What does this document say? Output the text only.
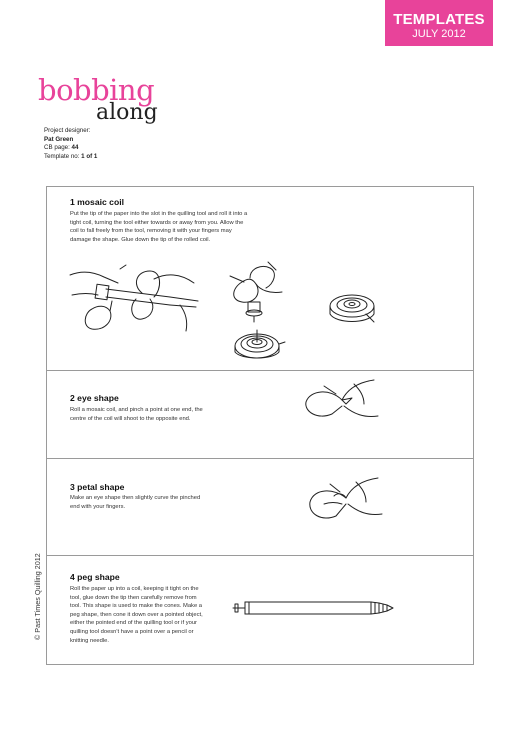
TEMPLATES
JULY 2012
bobbing
along
Project designer:
Pat Green
CB page: 44
Template no: 1 of 1
1 mosaic coil
Put the tip of the paper into the slot in the quilling tool and roll it into a
tight coil, turning the tool either towards or away from you. Allow the
coil to fall freely from the tool, removing it with your fingers may
damage the shape. Glue down the tip of the rolled coil.
2 eye shape
Roll a mosaic coil, and pinch a point at one end, the
centre of the coil will shoot to the opposite end.
3 petal shape
Make an eye shape then slightly curve the pinched
end with your fingers.
4 peg shape
Roll the paper up into a coil, keeping it tight on the
tool, glue down the tip then carefully remove from
tool. This shape is used to make the cones. Make a
peg shape, then cone it down over a pointed object,
either the pointed end of the quilling tool or if your
quilling tool doesn't have a point over a pencil or
knitting needle.
© Past Times Quilling 2012
